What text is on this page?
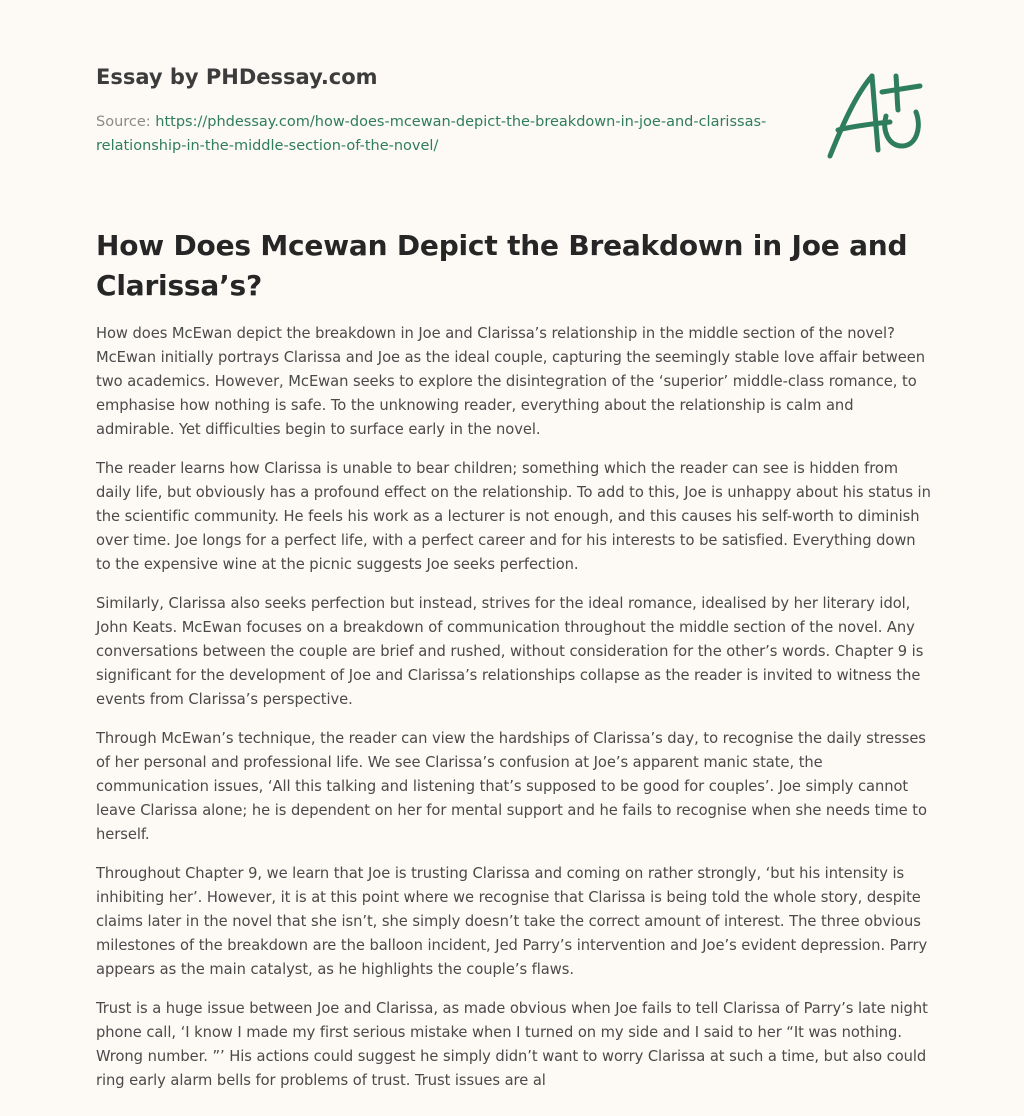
Essay by PHDessay.com
Source: https://phdessay.com/how-does-mcewan-depict-the-breakdown-in-joe-and-clarissas-relationship-in-the-middle-section-of-the-novel/
How Does Mcewan Depict the Breakdown in Joe and Clarissa’s?

How does McEwan depict the breakdown in Joe and Clarissa’s relationship in the middle section of the novel? McEwan initially portrays Clarissa and Joe as the ideal couple, capturing the seemingly stable love affair between two academics. However, McEwan seeks to explore the disintegration of the ‘superior’ middle-class romance, to emphasise how nothing is safe. To the unknowing reader, everything about the relationship is calm and admirable. Yet difficulties begin to surface early in the novel.

The reader learns how Clarissa is unable to bear children; something which the reader can see is hidden from daily life, but obviously has a profound effect on the relationship. To add to this, Joe is unhappy about his status in the scientific community. He feels his work as a lecturer is not enough, and this causes his self-worth to diminish over time. Joe longs for a perfect life, with a perfect career and for his interests to be satisfied. Everything down to the expensive wine at the picnic suggests Joe seeks perfection.

Similarly, Clarissa also seeks perfection but instead, strives for the ideal romance, idealised by her literary idol, John Keats. McEwan focuses on a breakdown of communication throughout the middle section of the novel. Any conversations between the couple are brief and rushed, without consideration for the other’s words. Chapter 9 is significant for the development of Joe and Clarissa’s relationships collapse as the reader is invited to witness the events from Clarissa’s perspective.

Through McEwan’s technique, the reader can view the hardships of Clarissa’s day, to recognise the daily stresses of her personal and professional life. We see Clarissa’s confusion at Joe’s apparent manic state, the communication issues, ‘All this talking and listening that’s supposed to be good for couples’. Joe simply cannot leave Clarissa alone; he is dependent on her for mental support and he fails to recognise when she needs time to herself.

Throughout Chapter 9, we learn that Joe is trusting Clarissa and coming on rather strongly, ‘but his intensity is inhibiting her’. However, it is at this point where we recognise that Clarissa is being told the whole story, despite claims later in the novel that she isn’t, she simply doesn’t take the correct amount of interest. The three obvious milestones of the breakdown are the balloon incident, Jed Parry’s intervention and Joe’s evident depression. Parry appears as the main catalyst, as he highlights the couple’s flaws.

Trust is a huge issue between Joe and Clarissa, as made obvious when Joe fails to tell Clarissa of Parry’s late night phone call, ‘I know I made my first serious mistake when I turned on my side and I said to her “It was nothing. Wrong number. ”’ His actions could suggest he simply didn’t want to worry Clarissa at such a time, but also could ring early alarm bells for problems of trust. Trust issues are al
